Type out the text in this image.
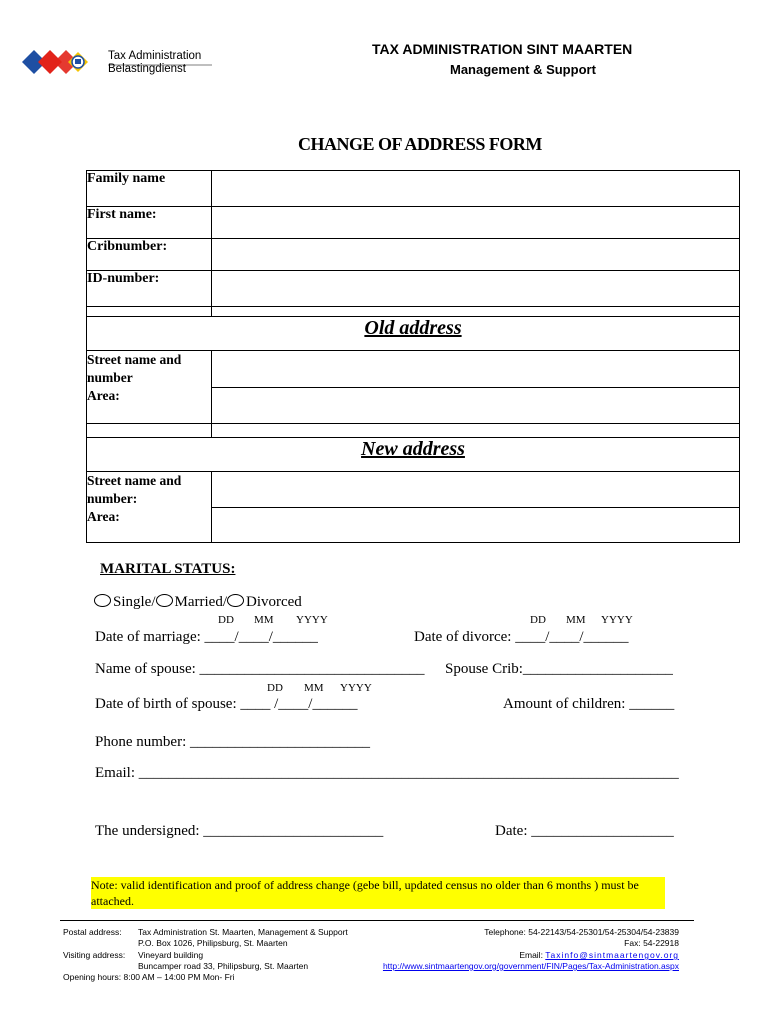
Tax Administration
Belastingdienst
TAX ADMINISTRATION SINT MAARTEN
Management & Support
CHANGE OF ADDRESS FORM
Family name	
First name:	
Cribnumber:	
ID-number:	

Old address	
Street name and
number	
Area:	

New address	
Street name and
number:	
Area:	
MARITAL STATUS:
Single/ Married/ Divorced
DD MM YYYY	DD MM YYYY
Date of marriage: ____/____/______	Date of divorce: ____/____/______
Name of spouse: ______________________________ Spouse Crib:____________________
DD MM YYYY
Date of birth of spouse: ____ /____/______	Amount of children: ______
Phone number: ________________________
Email: ________________________________________________________________________
The undersigned: ________________________	Date: ___________________
Note: valid identification and proof of address change (gebe bill, updated census no older than 6 months ) must be attached.
Postal address: Tax Administration St. Maarten, Management & Support
P.O. Box 1026, Philipsburg, St. Maarten
Visiting address: Vineyard building
Buncamper road 33, Philipsburg, St. Maarten
Opening hours: 8:00 AM – 14:00 PM Mon- Fri
Telephone: 54-22143/54-25301/54-25304/54-23839
Fax: 54-22918
Email: Taxinfo@sintmaartengov.org
http://www.sintmaartengov.org/government/FIN/Pages/Tax-Administration.aspx
